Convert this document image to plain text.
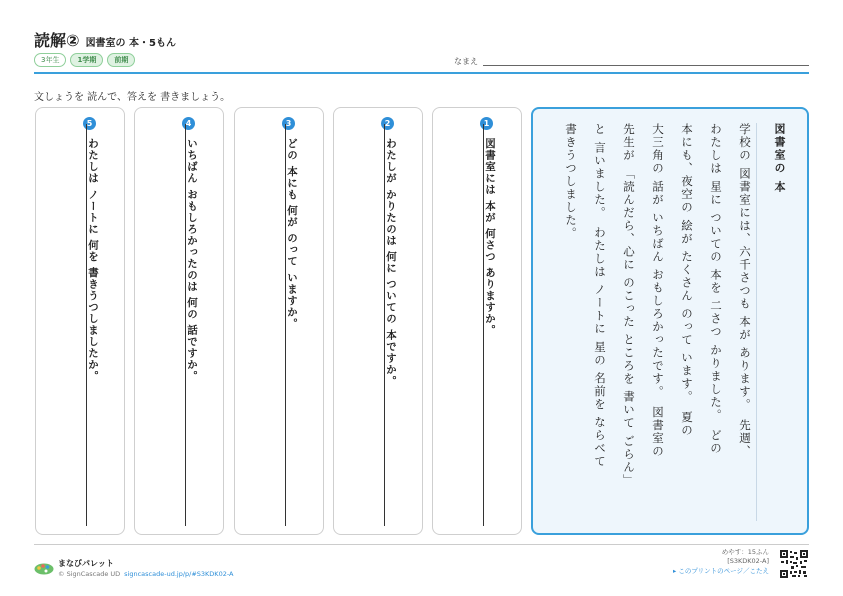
読解② 図書室の 本・5もん
3年生	1学期	前期	なまえ
文しょうを 読んで、答えを 書きましょう。
1
図書室には 本が 何さつ ありますか。
2
わたしが かりたのは 何に ついての 本ですか。
3
どの 本にも 何が のって いますか。
4
いちばん おもしろかったのは 何の 話ですか。
5
わたしは ノートに 何を 書きうつしましたか。	図書室の 本
学校の 図書室には、六千さつも 本が あります。　先週、
わたしは 星に ついての 本を 二さつ かりました。　どの
本にも、夜空の 絵が たくさん のって います。　夏の
大三角の 話が いちばん おもしろかったです。　図書室の
先生が 「読んだら、心に のこった ところを 書いて ごらん」
と 言いました。　わたしは ノートに 星の 名前を ならべて
書きうつしました。
まなびパレット
© SignCascade UD signcascade-ud.jp/p/#S3KDK02-A
めやす：15ふん
[S3KDK02-A]
▸ このプリントのページ／こたえ
